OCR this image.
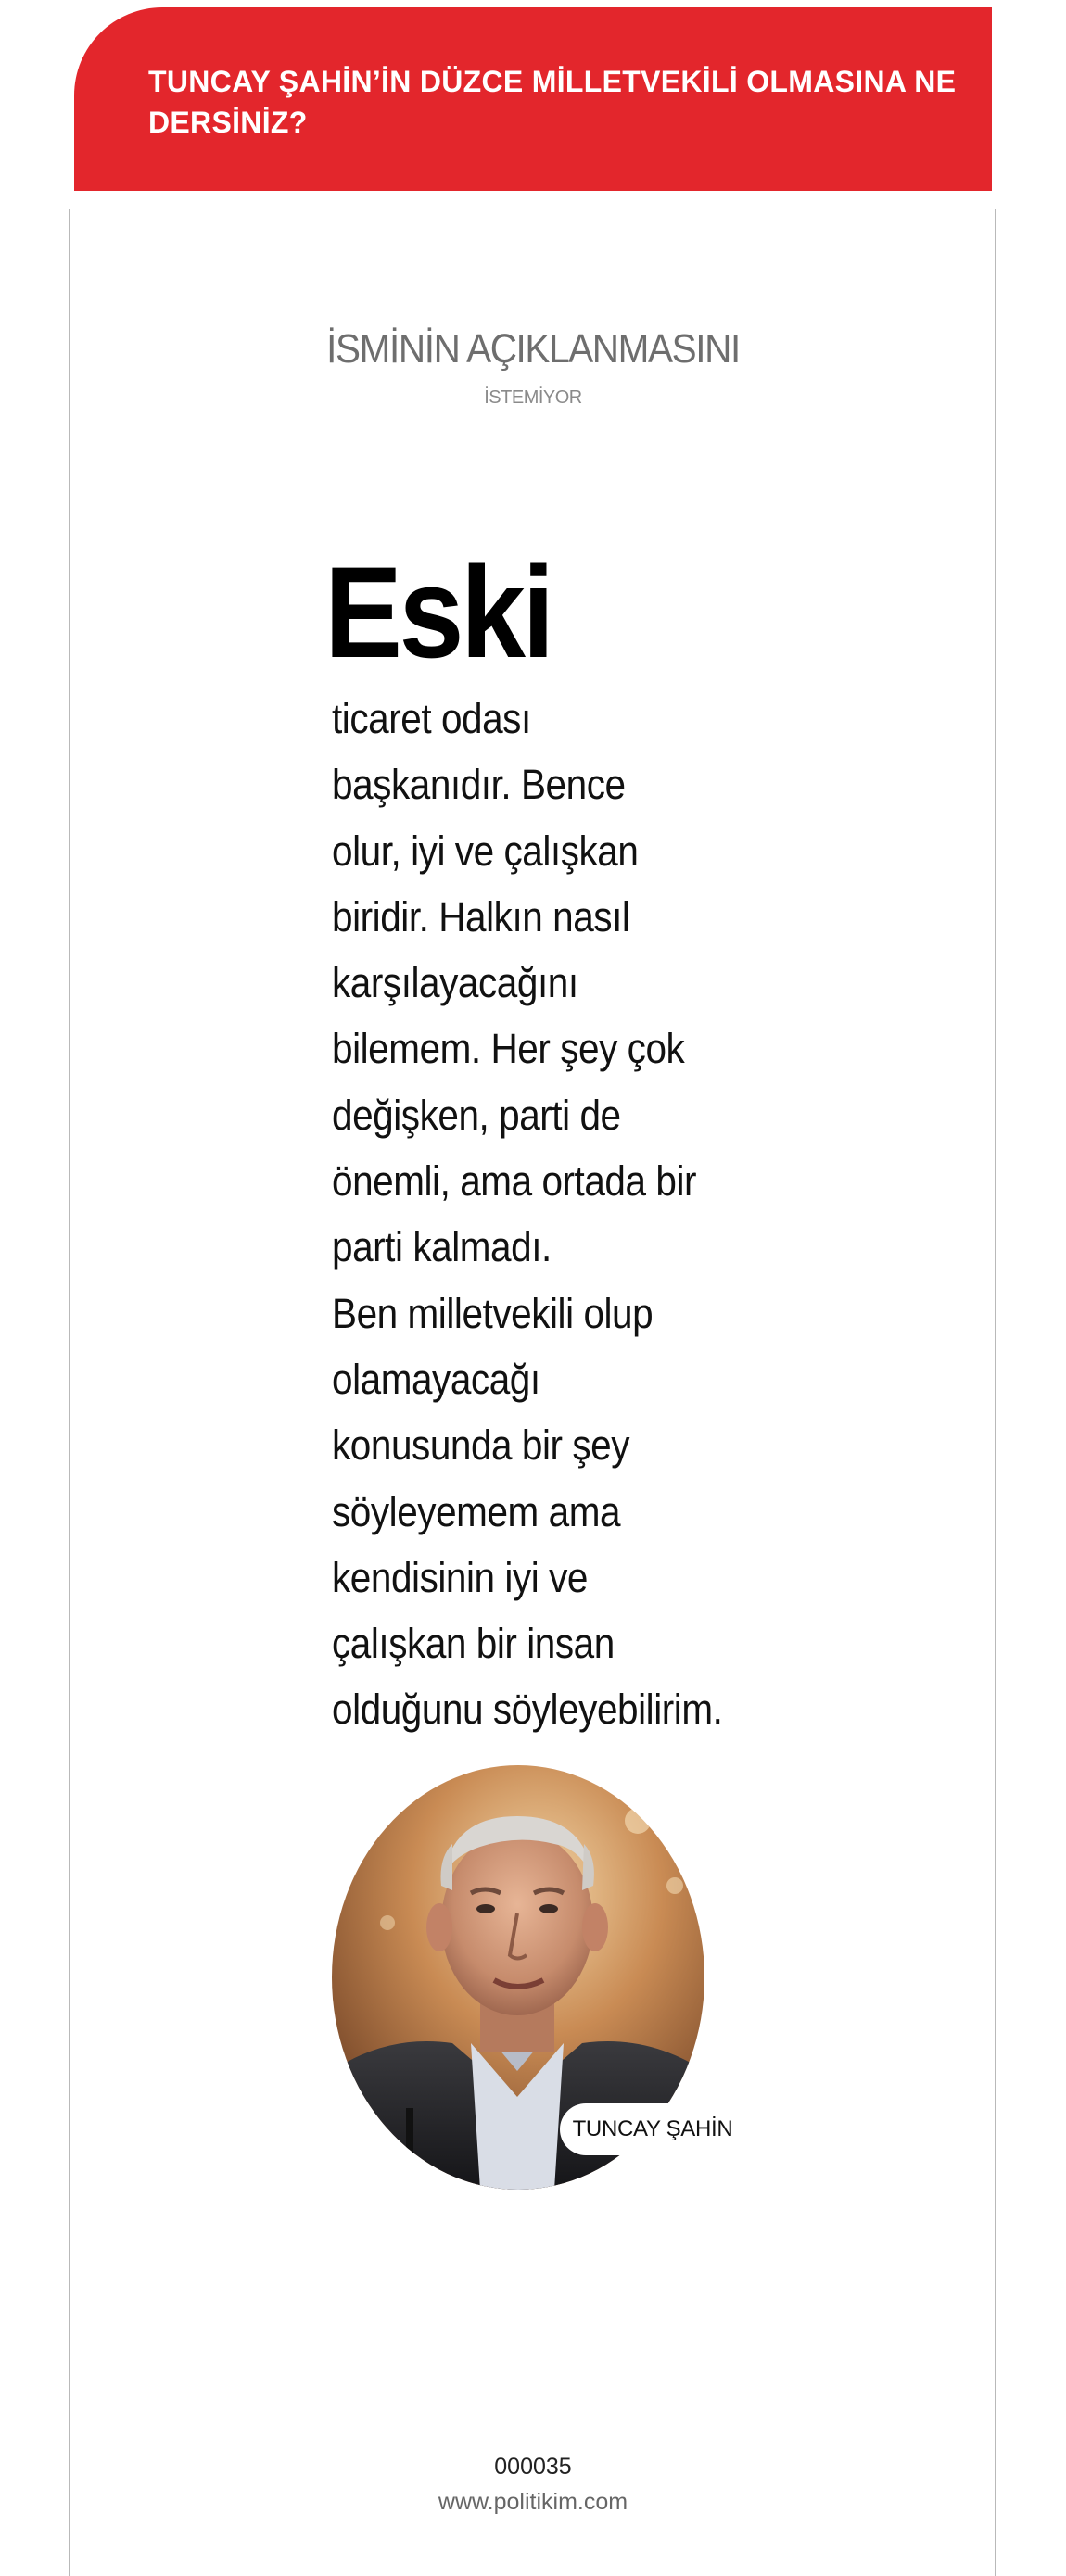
TUNCAY ŞAHİN’İN DÜZCE MİLLETVEKİLİ OLMASINA NE DERSİNİZ?

İSMİNİN AÇIKLANMASINI

İSTEMİYOR

Eski

ticaret odası
başkanıdır. Bence
olur, iyi ve çalışkan
biridir. Halkın nasıl
karşılayacağını
bilemem. Her şey çok
değişken, parti de
önemli, ama ortada bir
parti kalmadı.
Ben milletvekili olup
olamayacağı
konusunda bir şey
söyleyemem ama
kendisinin iyi ve
çalışkan bir insan
olduğunu söyleyebilirim.

TUNCAY ŞAHİN

000035

www.politikim.com
